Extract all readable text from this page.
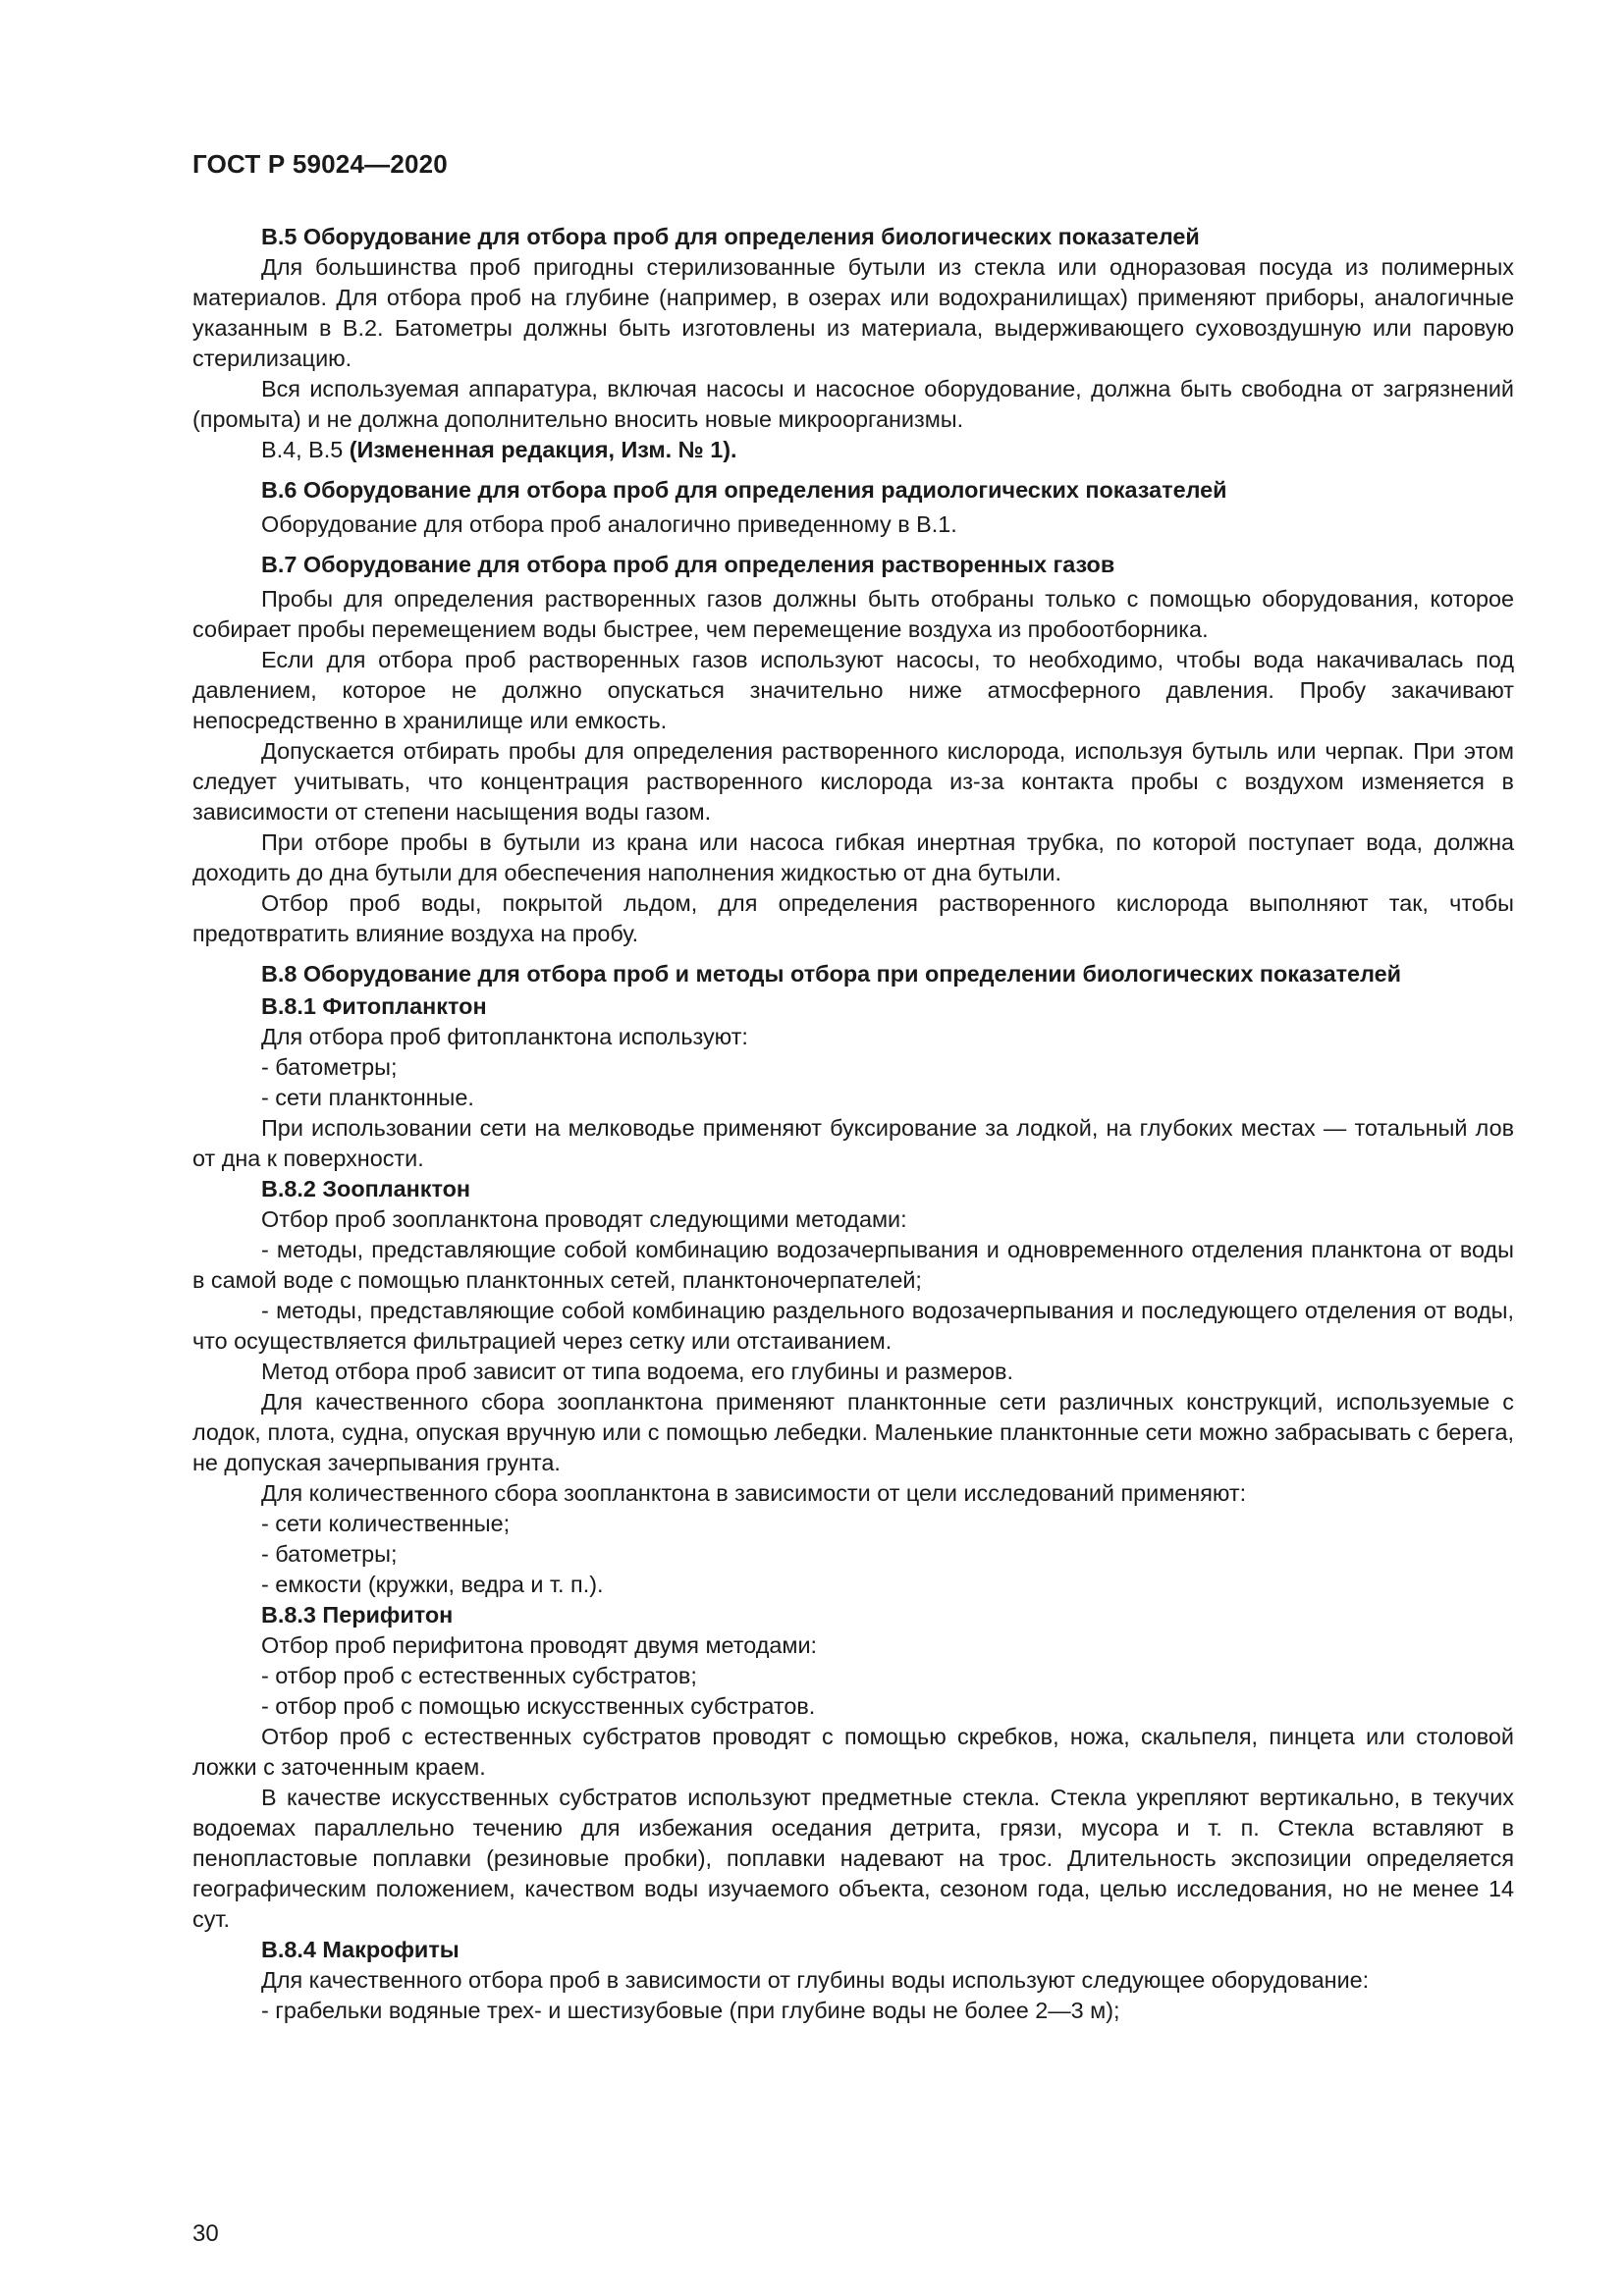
ГОСТ Р 59024—2020

В.5 Оборудование для отбора проб для определения биологических показателей

Для большинства проб пригодны стерилизованные бутыли из стекла или одноразовая посуда из полимерных материалов. Для отбора проб на глубине (например, в озерах или водохранилищах) применяют приборы, аналогичные указанным в В.2. Батометры должны быть изготовлены из материала, выдерживающего суховоздушную или паровую стерилизацию.

Вся используемая аппаратура, включая насосы и насосное оборудование, должна быть свободна от загрязнений (промыта) и не должна дополнительно вносить новые микроорганизмы.

В.4, В.5 (Измененная редакция, Изм. № 1).

В.6 Оборудование для отбора проб для определения радиологических показателей

Оборудование для отбора проб аналогично приведенному в В.1.

В.7 Оборудование для отбора проб для определения растворенных газов

Пробы для определения растворенных газов должны быть отобраны только с помощью оборудования, которое собирает пробы перемещением воды быстрее, чем перемещение воздуха из пробоотборника.

Если для отбора проб растворенных газов используют насосы, то необходимо, чтобы вода накачивалась под давлением, которое не должно опускаться значительно ниже атмосферного давления. Пробу закачивают непосредственно в хранилище или емкость.

Допускается отбирать пробы для определения растворенного кислорода, используя бутыль или черпак. При этом следует учитывать, что концентрация растворенного кислорода из-за контакта пробы с воздухом изменяется в зависимости от степени насыщения воды газом.

При отборе пробы в бутыли из крана или насоса гибкая инертная трубка, по которой поступает вода, должна доходить до дна бутыли для обеспечения наполнения жидкостью от дна бутыли.

Отбор проб воды, покрытой льдом, для определения растворенного кислорода выполняют так, чтобы предотвратить влияние воздуха на пробу.

В.8 Оборудование для отбора проб и методы отбора при определении биологических показателей

В.8.1 Фитопланктон

Для отбора проб фитопланктона используют:

- батометры;

- сети планктонные.

При использовании сети на мелководье применяют буксирование за лодкой, на глубоких местах — тотальный лов от дна к поверхности.

В.8.2 Зоопланктон

Отбор проб зоопланктона проводят следующими методами:

- методы, представляющие собой комбинацию водозачерпывания и одновременного отделения планктона от воды в самой воде с помощью планктонных сетей, планктоночерпателей;

- методы, представляющие собой комбинацию раздельного водозачерпывания и последующего отделения от воды, что осуществляется фильтрацией через сетку или отстаиванием.

Метод отбора проб зависит от типа водоема, его глубины и размеров.

Для качественного сбора зоопланктона применяют планктонные сети различных конструкций, используемые с лодок, плота, судна, опуская вручную или с помощью лебедки. Маленькие планктонные сети можно забрасывать с берега, не допуская зачерпывания грунта.

Для количественного сбора зоопланктона в зависимости от цели исследований применяют:

- сети количественные;

- батометры;

- емкости (кружки, ведра и т. п.).

В.8.3 Перифитон

Отбор проб перифитона проводят двумя методами:

- отбор проб с естественных субстратов;

- отбор проб с помощью искусственных субстратов.

Отбор проб с естественных субстратов проводят с помощью скребков, ножа, скальпеля, пинцета или столовой ложки с заточенным краем.

В качестве искусственных субстратов используют предметные стекла. Стекла укрепляют вертикально, в текучих водоемах параллельно течению для избежания оседания детрита, грязи, мусора и т. п. Стекла вставляют в пенопластовые поплавки (резиновые пробки), поплавки надевают на трос. Длительность экспозиции определяется географическим положением, качеством воды изучаемого объекта, сезоном года, целью исследования, но не менее 14 сут.

В.8.4 Макрофиты

Для качественного отбора проб в зависимости от глубины воды используют следующее оборудование:

- грабельки водяные трех- и шестизубовые (при глубине воды не более 2—3 м);

30
